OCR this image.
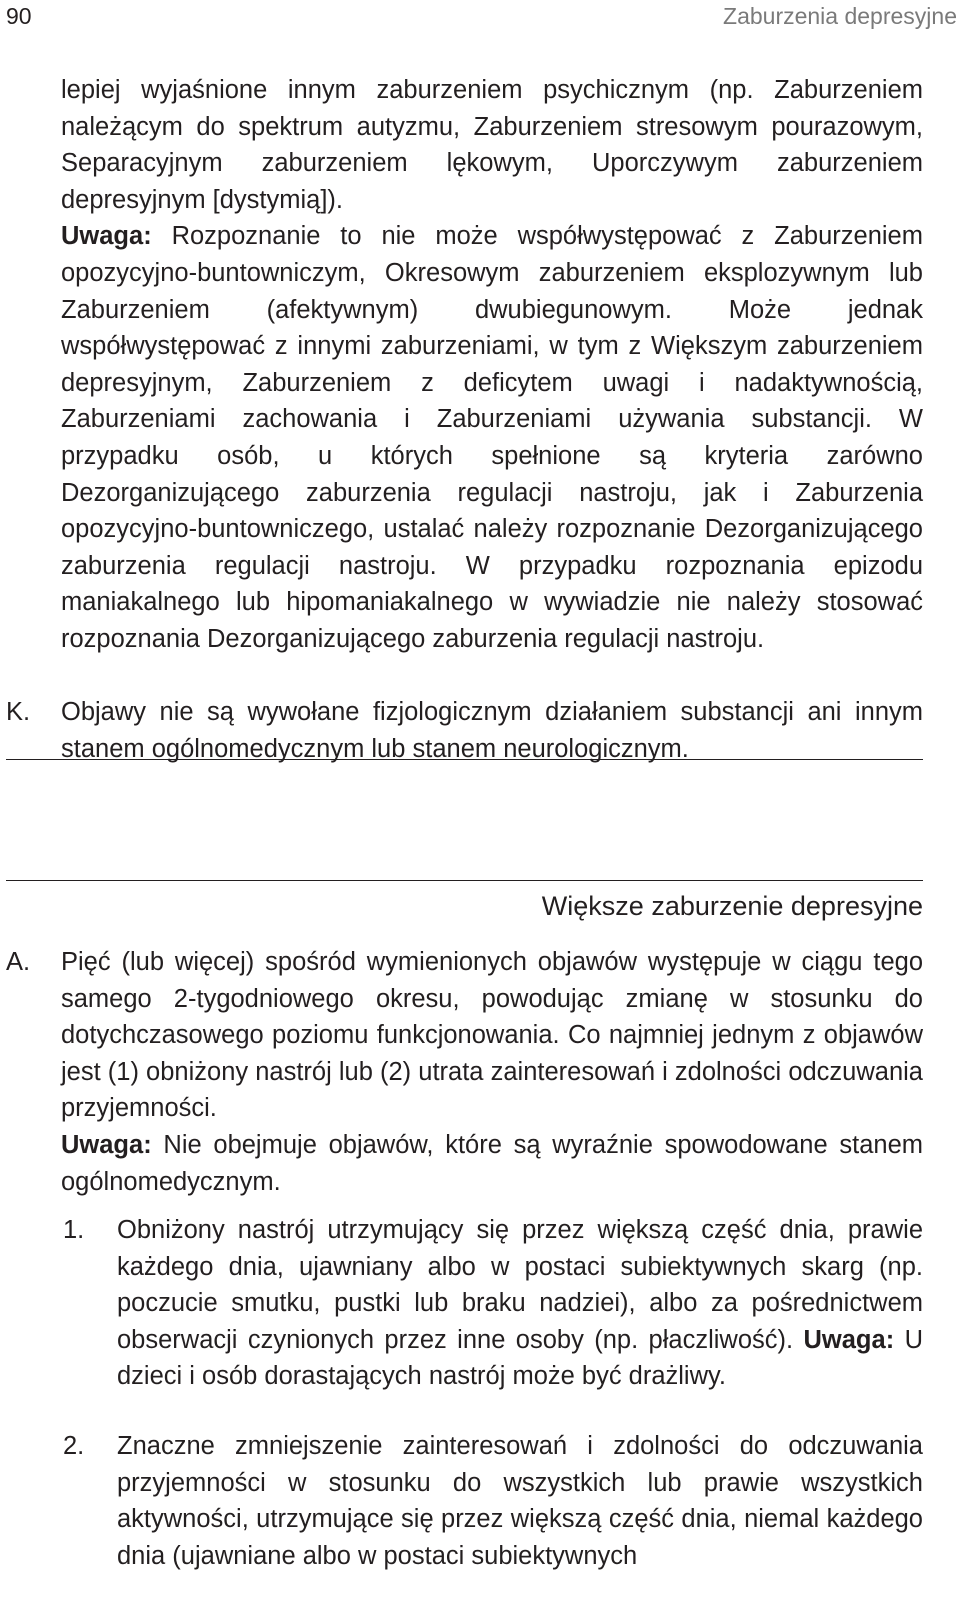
90	Zaburzenia depresyjne

lepiej wyjaśnione innym zaburzeniem psychicznym (np. Zaburzeniem należącym do spektrum autyzmu, Zaburzeniem stresowym pourazowym, Separacyjnym zaburzeniem lękowym, Uporczywym zaburzeniem depresyjnym [dystymią]).

Uwaga: Rozpoznanie to nie może współwystępować z Zaburzeniem opozycyjno-buntowniczym, Okresowym zaburzeniem eksplozywnym lub Zaburzeniem (afektywnym) dwubiegunowym. Może jednak współwystępować z innymi zaburzeniami, w tym z Większym zaburzeniem depresyjnym, Zaburzeniem z deficytem uwagi i nadaktywnością, Zaburzeniami zachowania i Zaburzeniami używania substancji. W przypadku osób, u których spełnione są kryteria zarówno Dezorganizującego zaburzenia regulacji nastroju, jak i Zaburzenia opozycyjno-buntowniczego, ustalać należy rozpoznanie Dezorganizującego zaburzenia regulacji nastroju. W przypadku rozpoznania epizodu maniakalnego lub hipomaniakalnego w wywiadzie nie należy stosować rozpoznania Dezorganizującego zaburzenia regulacji nastroju.

K. Objawy nie są wywołane fizjologicznym działaniem substancji ani innym stanem ogólnomedycznym lub stanem neurologicznym.
Większe zaburzenie depresyjne
A. Pięć (lub więcej) spośród wymienionych objawów występuje w ciągu tego samego 2-tygodniowego okresu, powodując zmianę w stosunku do dotychczasowego poziomu funkcjonowania. Co najmniej jednym z objawów jest (1) obniżony nastrój lub (2) utrata zainteresowań i zdolności odczuwania przyjemności.

Uwaga: Nie obejmuje objawów, które są wyraźnie spowodowane stanem ogólnomedycznym.

1. Obniżony nastrój utrzymujący się przez większą część dnia, prawie każdego dnia, ujawniany albo w postaci subiektywnych skarg (np. poczucie smutku, pustki lub braku nadziei), albo za pośrednictwem obserwacji czynionych przez inne osoby (np. płaczliwość). Uwaga: U dzieci i osób dorastających nastrój może być drażliwy.
2. Znaczne zmniejszenie zainteresowań i zdolności do odczuwania przyjemności w stosunku do wszystkich lub prawie wszystkich aktywności, utrzymujące się przez większą część dnia, niemal każdego dnia (ujawniane albo w postaci subiektywnych
